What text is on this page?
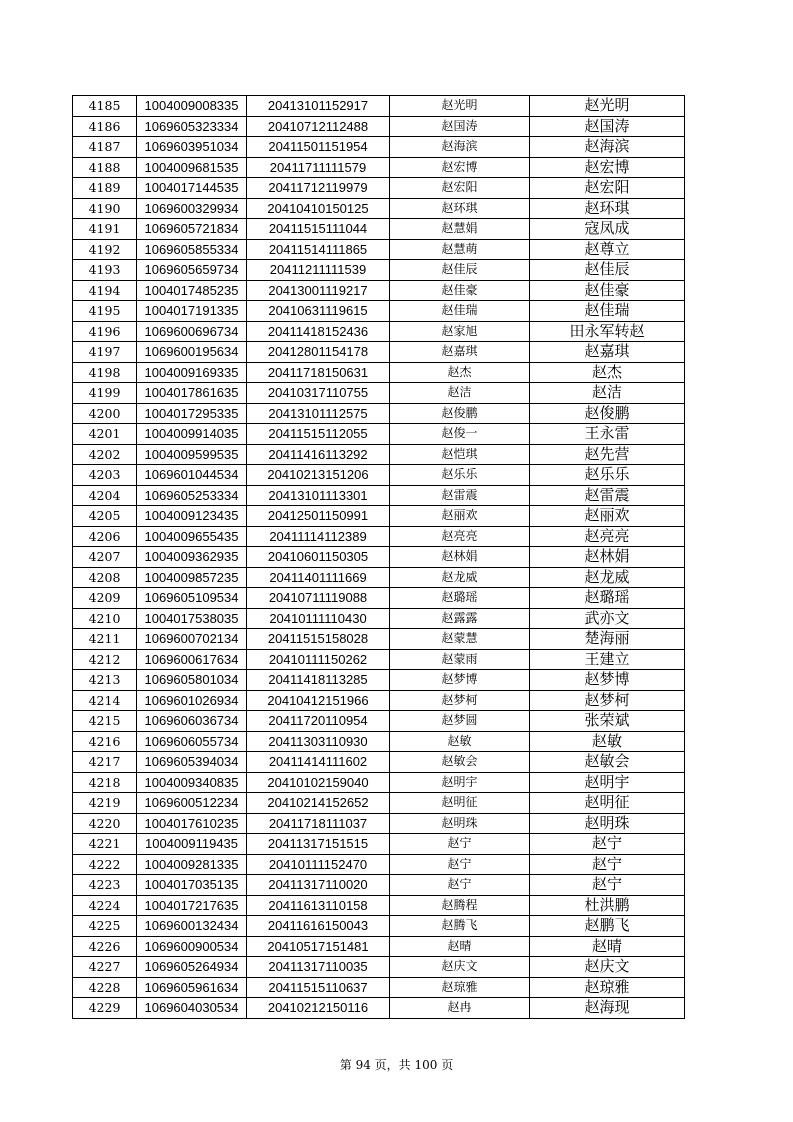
4185	1004009008335	20413101152917	赵光明	赵光明
4186	1069605323334	20410712112488	赵国涛	赵国涛
4187	1069603951034	20411501151954	赵海滨	赵海滨
4188	1004009681535	20411711111579	赵宏博	赵宏博
4189	1004017144535	20411712119979	赵宏阳	赵宏阳
4190	1069600329934	20410410150125	赵环琪	赵环琪
4191	1069605721834	20411515111044	赵慧娟	寇凤成
4192	1069605855334	20411514111865	赵慧萌	赵尊立
4193	1069605659734	20411211111539	赵佳辰	赵佳辰
4194	1004017485235	20413001119217	赵佳豪	赵佳豪
4195	1004017191335	20410631119615	赵佳瑞	赵佳瑞
4196	1069600696734	20411418152436	赵家旭	田永军转赵
4197	1069600195634	20412801154178	赵嘉琪	赵嘉琪
4198	1004009169335	20411718150631	赵杰	赵杰
4199	1004017861635	20410317110755	赵洁	赵洁
4200	1004017295335	20413101112575	赵俊鹏	赵俊鹏
4201	1004009914035	20411515112055	赵俊一	王永雷
4202	1004009599535	20411416113292	赵恺琪	赵先营
4203	1069601044534	20410213151206	赵乐乐	赵乐乐
4204	1069605253334	20413101113301	赵雷震	赵雷震
4205	1004009123435	20412501150991	赵丽欢	赵丽欢
4206	1004009655435	20411114112389	赵亮亮	赵亮亮
4207	1004009362935	20410601150305	赵林娟	赵林娟
4208	1004009857235	20411401111669	赵龙威	赵龙威
4209	1069605109534	20410711119088	赵璐瑶	赵璐瑶
4210	1004017538035	20410111110430	赵露露	武亦文
4211	1069600702134	20411515158028	赵蒙慧	楚海丽
4212	1069600617634	20410111150262	赵蒙雨	王建立
4213	1069605801034	20411418113285	赵梦博	赵梦博
4214	1069601026934	20410412151966	赵梦柯	赵梦柯
4215	1069606036734	20411720110954	赵梦圆	张荣斌
4216	1069606055734	20411303110930	赵敏	赵敏
4217	1069605394034	20411414111602	赵敏会	赵敏会
4218	1004009340835	20410102159040	赵明宇	赵明宇
4219	1069600512234	20410214152652	赵明征	赵明征
4220	1004017610235	20411718111037	赵明珠	赵明珠
4221	1004009119435	20411317151515	赵宁	赵宁
4222	1004009281335	20410111152470	赵宁	赵宁
4223	1004017035135	20411317110020	赵宁	赵宁
4224	1004017217635	20411613110158	赵腾程	杜洪鹏
4225	1069600132434	20411616150043	赵腾飞	赵鹏飞
4226	1069600900534	20410517151481	赵晴	赵晴
4227	1069605264934	20411317110035	赵庆文	赵庆文
4228	1069605961634	20411515110637	赵琼雅	赵琼雅
4229	1069604030534	20410212150116	赵冉	赵海现
第 94 页，共 100 页
